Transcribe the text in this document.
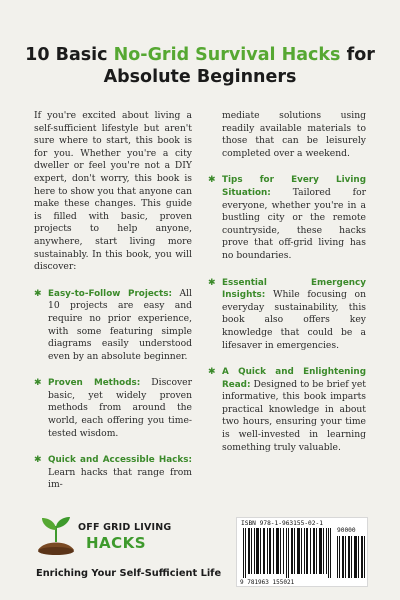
10 Basic No-Grid Survival Hacks for
Absolute Beginners

If you're excited about living a self-sufficient lifestyle but aren't sure where to start, this book is for you. Whether you're a city dweller or feel you're not a DIY expert, don't worry, this book is here to show you that anyone can make these changes. This guide is filled with basic, proven projects to help anyone, anywhere, start living more sustainably. In this book, you will discover:

✱ Easy-to-Follow Projects: All 10 projects are easy and require no prior experience, with some featuring simple diagrams easily understood even by an absolute beginner.
✱ Proven Methods: Discover basic, yet widely proven methods from around the world, each offering you time-tested wisdom.
✱ Quick and Accessible Hacks: Learn hacks that range from im-

mediate solutions using readily available materials to those that can be leisurely completed over a weekend.

✱ Tips for Every Living Situation: Tailored for everyone, whether you're in a bustling city or the remote countryside, these hacks prove that off-grid living has no boundaries.
✱ Essential Emergency Insights: While focusing on everyday sustainability, this book also offers key knowledge that could be a lifesaver in emergencies.
✱ A Quick and Enlightening Read: Designed to be brief yet informative, this book imparts practical knowledge in about two hours, ensuring your time is well-invested in learning something truly valuable.
OFF GRID LIVING
HACKS
Enriching Your Self-Sufficient Life
ISBN 978-1-963155-02-1
90000
9 781963 155021
